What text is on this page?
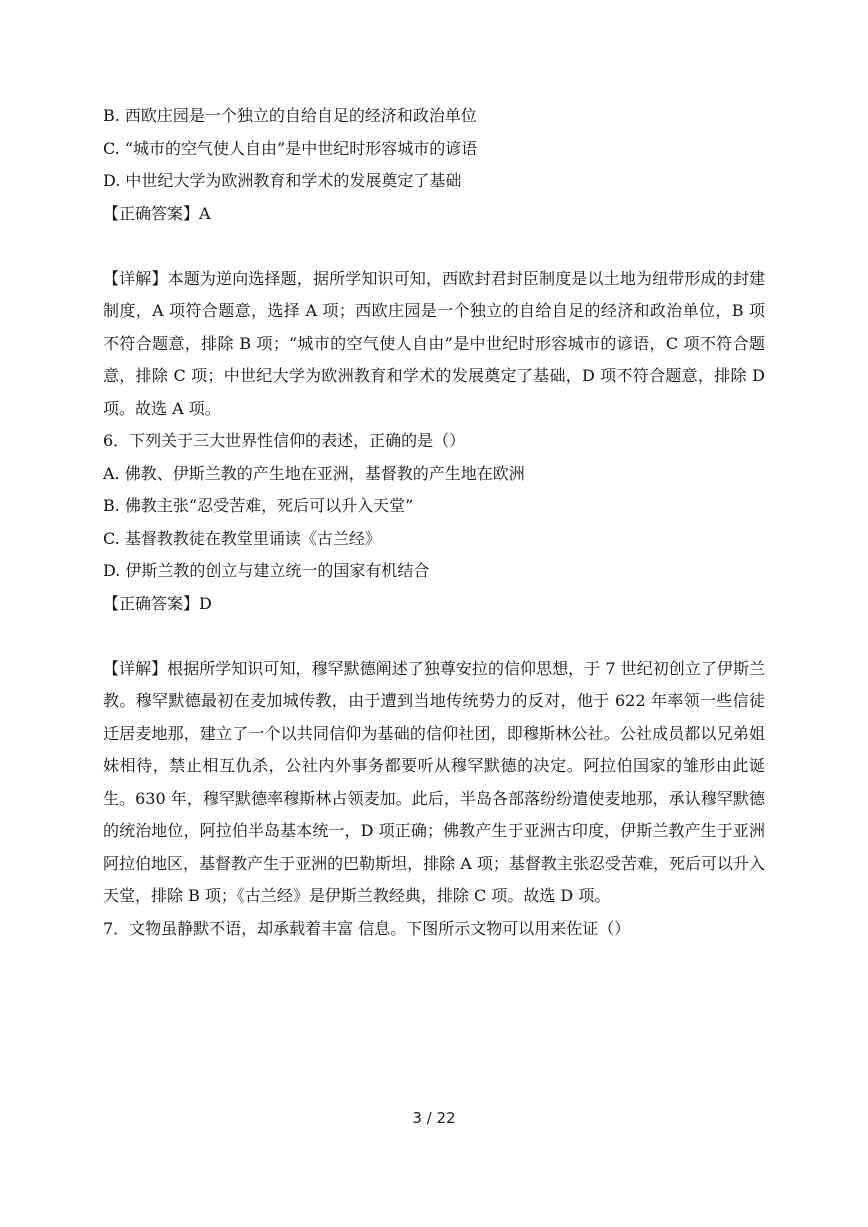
B. 西欧庄园是一个独立的自给自足的经济和政治单位

C. “城市的空气使人自由”是中世纪时形容城市的谚语

D. 中世纪大学为欧洲教育和学术的发展奠定了基础

【正确答案】A

【详解】本题为逆向选择题，据所学知识可知，西欧封君封臣制度是以土地为纽带形成的封建制度，A 项符合题意，选择 A 项；西欧庄园是一个独立的自给自足的经济和政治单位，B 项不符合题意，排除 B 项；“城市的空气使人自由”是中世纪时形容城市的谚语，C 项不符合题意，排除 C 项；中世纪大学为欧洲教育和学术的发展奠定了基础，D 项不符合题意，排除 D 项。故选 A 项。

6．下列关于三大世界性信仰的表述，正确的是（）

A. 佛教、伊斯兰教的产生地在亚洲，基督教的产生地在欧洲

B. 佛教主张“忍受苦难，死后可以升入天堂”

C. 基督教教徒在教堂里诵读《古兰经》

D. 伊斯兰教的创立与建立统一的国家有机结合

【正确答案】D

【详解】根据所学知识可知，穆罕默德阐述了独尊安拉的信仰思想，于 7 世纪初创立了伊斯兰教。穆罕默德最初在麦加城传教，由于遭到当地传统势力的反对，他于 622 年率领一些信徒迁居麦地那，建立了一个以共同信仰为基础的信仰社团，即穆斯林公社。公社成员都以兄弟姐妹相待，禁止相互仇杀，公社内外事务都要听从穆罕默德的决定。阿拉伯国家的雏形由此诞生。630 年，穆罕默德率穆斯林占领麦加。此后，半岛各部落纷纷遣使麦地那，承认穆罕默德的统治地位，阿拉伯半岛基本统一，D 项正确；佛教产生于亚洲古印度，伊斯兰教产生于亚洲阿拉伯地区，基督教产生于亚洲的巴勒斯坦，排除 A 项；基督教主张忍受苦难，死后可以升入天堂，排除 B 项；《古兰经》是伊斯兰教经典，排除 C 项。故选 D 项。

7．文物虽静默不语，却承载着丰富 信息。下图所示文物可以用来佐证（）

3 / 22
